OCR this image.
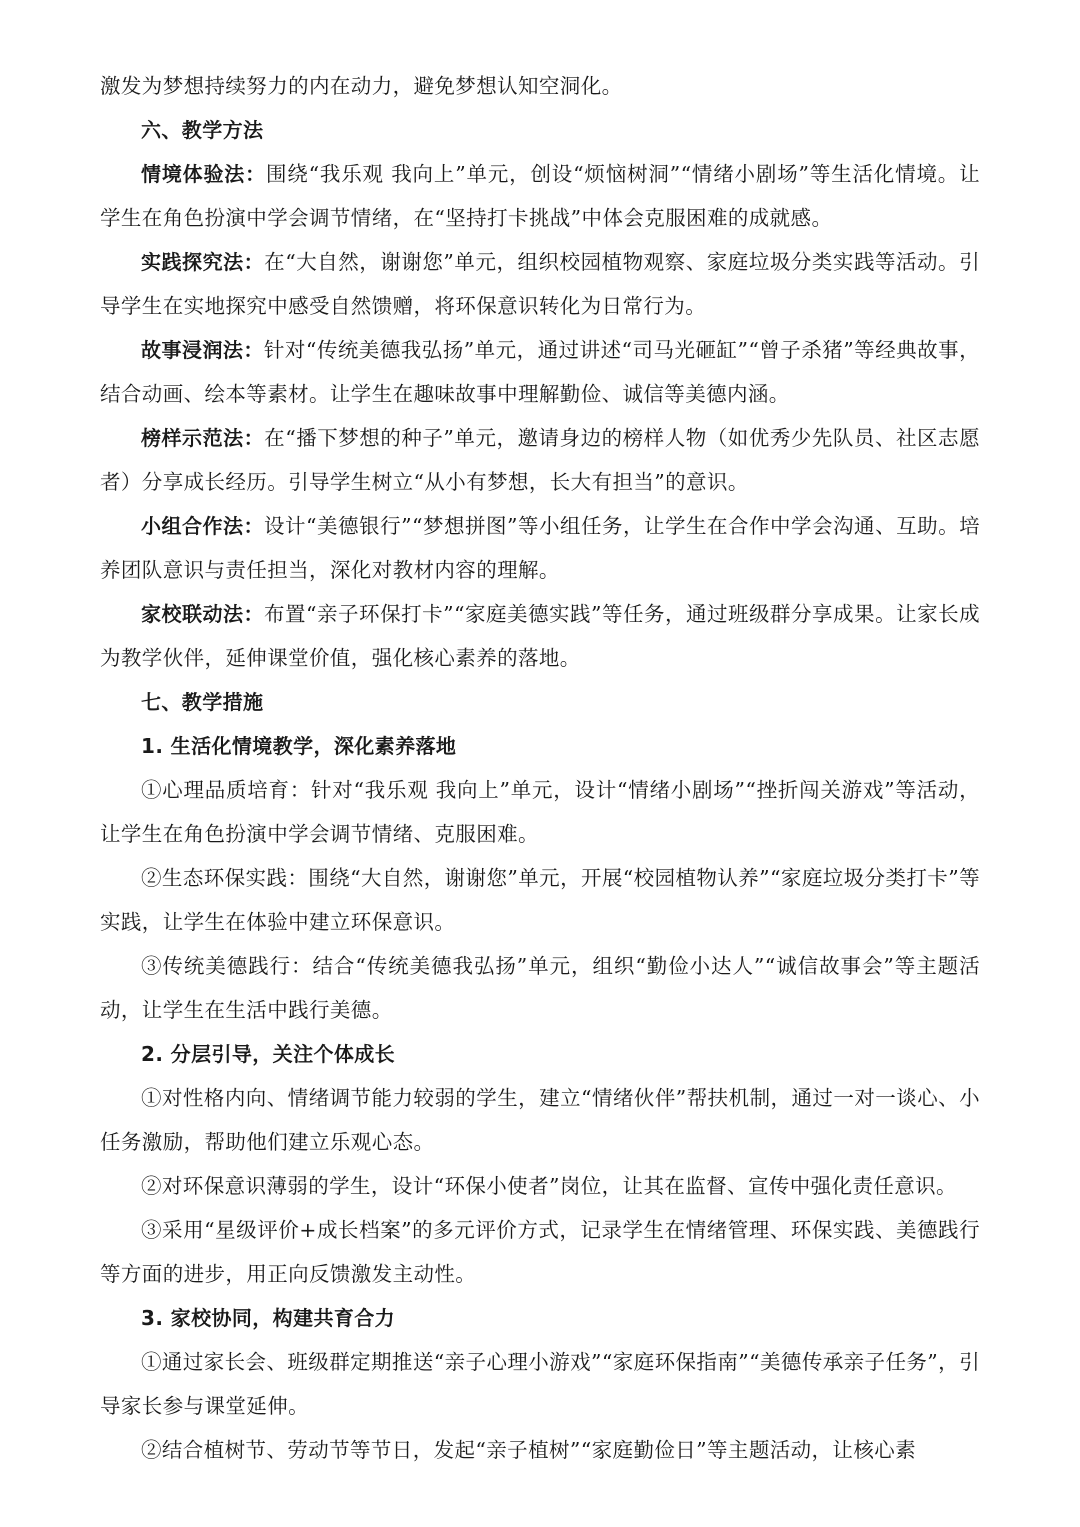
激发为梦想持续努力的内在动力，避免梦想认知空洞化。

六、教学方法

情境体验法：围绕“我乐观 我向上”单元，创设“烦恼树洞”“情绪小剧场”等生活化情境。让学生在角色扮演中学会调节情绪，在“坚持打卡挑战”中体会克服困难的成就感。

实践探究法：在“大自然，谢谢您”单元，组织校园植物观察、家庭垃圾分类实践等活动。引导学生在实地探究中感受自然馈赠，将环保意识转化为日常行为。

故事浸润法：针对“传统美德我弘扬”单元，通过讲述“司马光砸缸”“曾子杀猪”等经典故事，结合动画、绘本等素材。让学生在趣味故事中理解勤俭、诚信等美德内涵。

榜样示范法：在“播下梦想的种子”单元，邀请身边的榜样人物（如优秀少先队员、社区志愿者）分享成长经历。引导学生树立“从小有梦想，长大有担当”的意识。

小组合作法：设计“美德银行”“梦想拼图”等小组任务，让学生在合作中学会沟通、互助。培养团队意识与责任担当，深化对教材内容的理解。

家校联动法：布置“亲子环保打卡”“家庭美德实践”等任务，通过班级群分享成果。让家长成为教学伙伴，延伸课堂价值，强化核心素养的落地。

七、教学措施

1. 生活化情境教学，深化素养落地

①心理品质培育：针对“我乐观 我向上”单元，设计“情绪小剧场”“挫折闯关游戏”等活动，让学生在角色扮演中学会调节情绪、克服困难。

②生态环保实践：围绕“大自然，谢谢您”单元，开展“校园植物认养”“家庭垃圾分类打卡”等实践，让学生在体验中建立环保意识。

③传统美德践行：结合“传统美德我弘扬”单元，组织“勤俭小达人”“诚信故事会”等主题活动，让学生在生活中践行美德。

2. 分层引导，关注个体成长

①对性格内向、情绪调节能力较弱的学生，建立“情绪伙伴”帮扶机制，通过一对一谈心、小任务激励，帮助他们建立乐观心态。

②对环保意识薄弱的学生，设计“环保小使者”岗位，让其在监督、宣传中强化责任意识。

③采用“星级评价+成长档案”的多元评价方式，记录学生在情绪管理、环保实践、美德践行等方面的进步，用正向反馈激发主动性。

3. 家校协同，构建共育合力

①通过家长会、班级群定期推送“亲子心理小游戏”“家庭环保指南”“美德传承亲子任务”，引导家长参与课堂延伸。

②结合植树节、劳动节等节日，发起“亲子植树”“家庭勤俭日”等主题活动，让核心素
